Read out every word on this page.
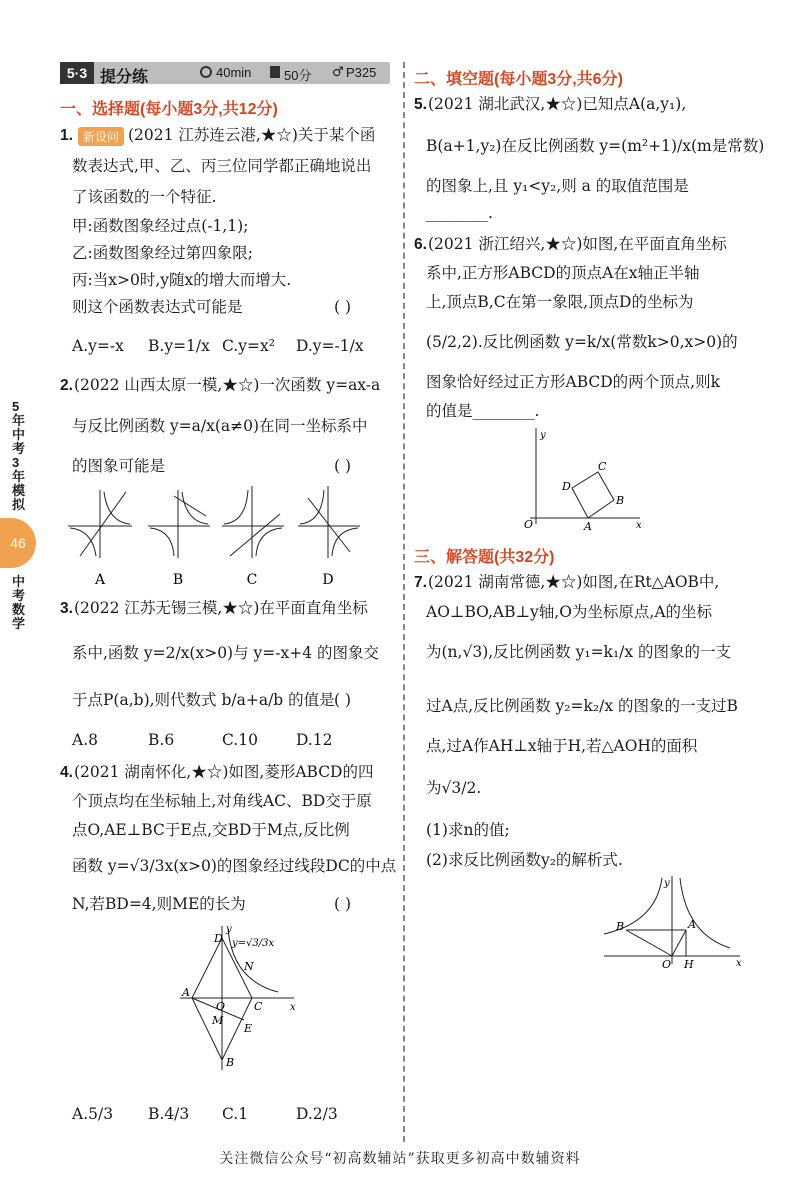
5·3 提分练	40min	50分 ♂ P325
5年中考3年模拟
46
中考数学
一、选择题(每小题3分,共12分)
1. 新设问 (2021 江苏连云港,★☆)关于某个函
数表达式,甲、乙、丙三位同学都正确地说出
了该函数的一个特征.
甲:函数图象经过点(-1,1);
乙:函数图象经过第四象限;
丙:当x>0时,y随x的增大而增大.
则这个函数表达式可能是	( )
A.y=-x B.y=1/x C.y=x² D.y=-1/x
2. (2022 山西太原一模,★☆)一次函数 y=ax-a
与反比例函数 y=a/x(a≠0)在同一坐标系中
的图象可能是	( )
A	B	C	D
3. (2022 江苏无锡三模,★☆)在平面直角坐标
系中,函数 y=2/x(x>0)与 y=-x+4 的图象交
于点P(a,b),则代数式 b/a+a/b 的值是 ( )
A.8	B.6	C.10 D.12
4. (2021 湖南怀化,★☆)如图,菱形ABCD的四
个顶点均在坐标轴上,对角线AC、BD交于原
点O,AE⊥BC于E点,交BD于M点,反比例
函数 y=√3/3x(x>0)的图象经过线段DC的中点
N,若BD=4,则ME的长为	( )
y
D y=√3/3x
N
A
O	C	x
M
E
B
A.5/3 B.4/3 C.1	D.2/3
二、填空题(每小题3分,共6分)
5. (2021 湖北武汉,★☆)已知点A(a,y₁),
B(a+1,y₂)在反比例函数 y=(m²+1)/x(m是常数)
的图象上,且 y₁<y₂,则 a 的取值范围是
________.
6. (2021 浙江绍兴,★☆)如图,在平面直角坐标
系中,正方形ABCD的顶点A在x轴正半轴
上,顶点B,C在第一象限,顶点D的坐标为
(5/2,2).反比例函数 y=k/x(常数k>0,x>0)的
图象恰好经过正方形ABCD的两个顶点,则k
的值是________.
y
C
D
B
O	A	x
三、解答题(共32分)
7. (2021 湖南常德,★☆)如图,在Rt△AOB中,
AO⊥BO,AB⊥y轴,O为坐标原点,A的坐标
为(n,√3),反比例函数 y₁=k₁/x 的图象的一支
过A点,反比例函数 y₂=k₂/x 的图象的一支过B
点,过A作AH⊥x轴于H,若△AOH的面积
为√3/2.
(1)求n的值;
(2)求反比例函数y₂的解析式.
y
B	A
O H	x
关注微信公众号“初高数辅站”获取更多初高中数辅资料
